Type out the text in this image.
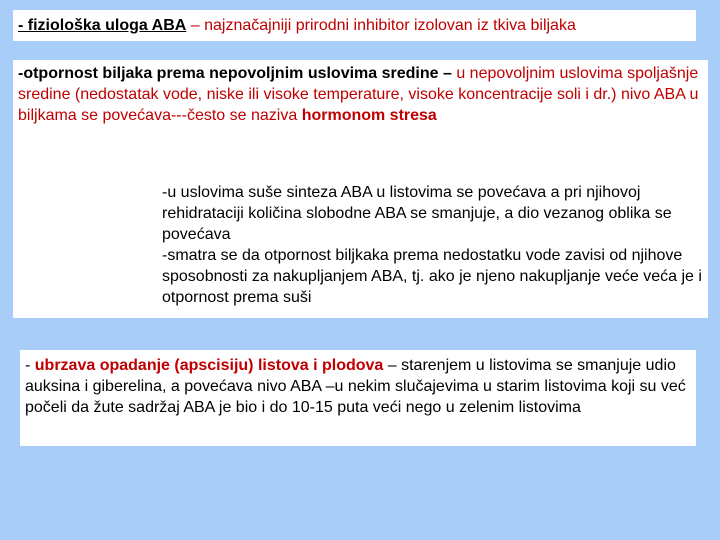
- fiziološka uloga ABA – najznačajniji prirodni inhibitor izolovan iz tkiva biljaka
-otpornost biljaka prema nepovoljnim uslovima sredine – u nepovoljnim uslovima spoljašnje sredine (nedostatak vode, niske ili visoke temperature, visoke koncentracije soli i dr.) nivo ABA u biljkama se povećava---često se naziva hormonom stresa

-u uslovima suše sinteza ABA u listovima se povećava a pri njihovoj rehidrataciji količina slobodne ABA se smanjuje, a dio vezanog oblika se povećava

-smatra se da otpornost biljkaka prema nedostatku vode zavisi od njihove sposobnosti za nakupljanjem ABA, tj. ako je njeno nakupljanje veće veća je i otpornost prema suši

- ubrzava opadanje (apscisiju) listova i plodova – starenjem u listovima se smanjuje udio auksina i giberelina, a povećava nivo ABA –u nekim slučajevima u starim listovima koji su već počeli da žute sadržaj ABA je bio i do 10-15 puta veći nego u zelenim listovima
